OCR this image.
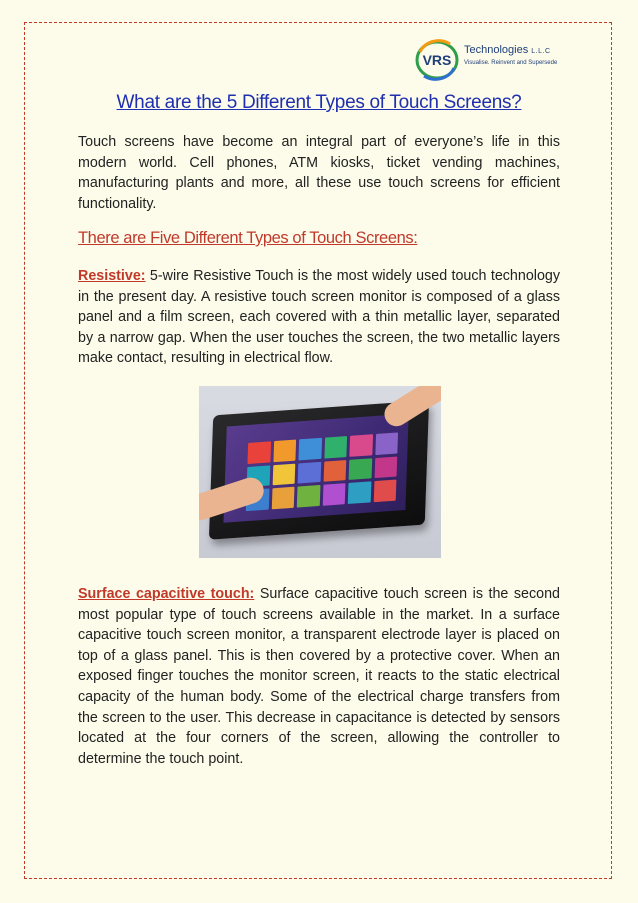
VRS
Technologies L.L.C
Visualise. Reinvent and Supersede
What are the 5 Different Types of Touch Screens?

Touch screens have become an integral part of everyone’s life in this modern world. Cell phones, ATM kiosks, ticket vending machines, manufacturing plants and more, all these use touch screens for efficient functionality.

There are Five Different Types of Touch Screens:

Resistive: 5-wire Resistive Touch is the most widely used touch technology in the present day. A resistive touch screen monitor is composed of a glass panel and a film screen, each covered with a thin metallic layer, separated by a narrow gap. When the user touches the screen, the two metallic layers make contact, resulting in electrical flow.

Surface capacitive touch: Surface capacitive touch screen is the second most popular type of touch screens available in the market. In a surface capacitive touch screen monitor, a transparent electrode layer is placed on top of a glass panel. This is then covered by a protective cover. When an exposed finger touches the monitor screen, it reacts to the static electrical capacity of the human body. Some of the electrical charge transfers from the screen to the user. This decrease in capacitance is detected by sensors located at the four corners of the screen, allowing the controller to determine the touch point.
